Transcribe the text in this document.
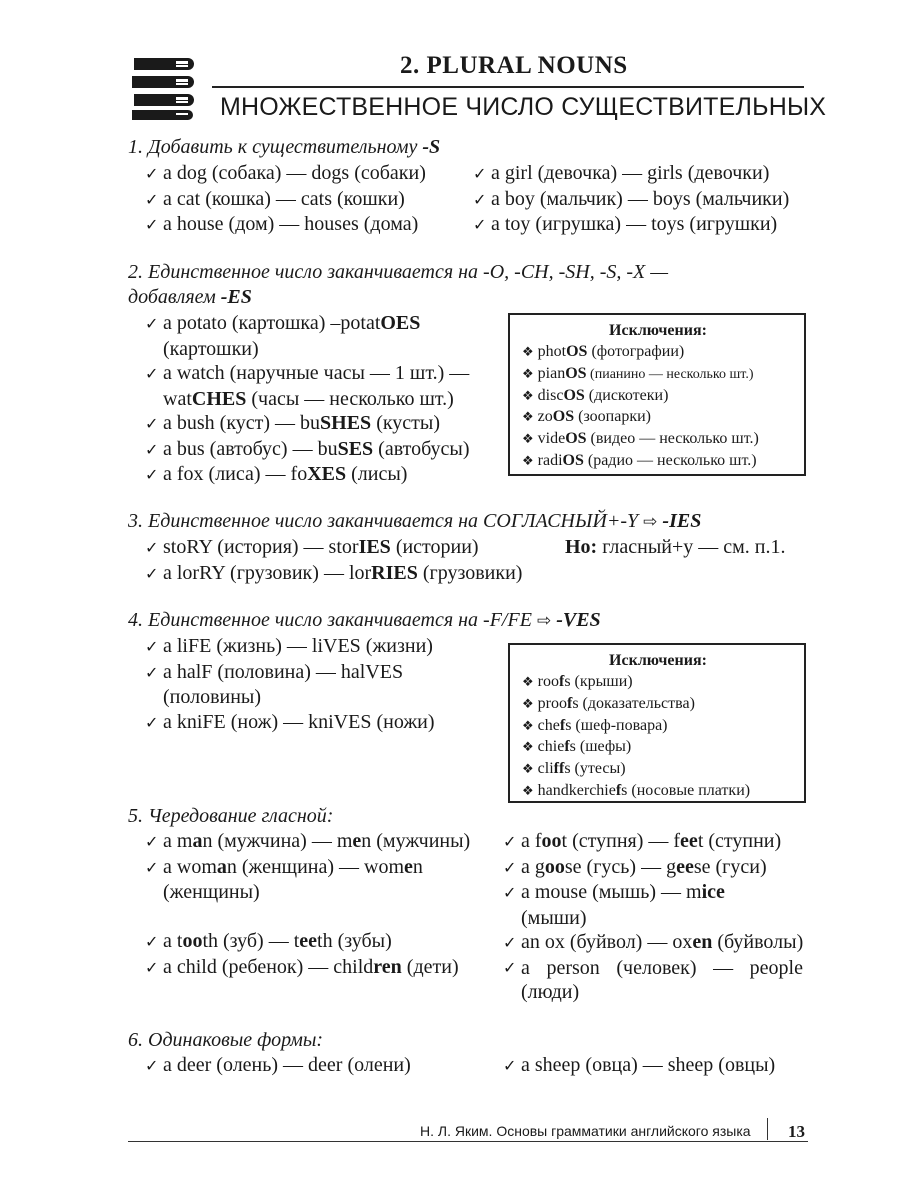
2. PLURAL NOUNS
МНОЖЕСТВЕННОЕ ЧИСЛО СУЩЕСТВИТЕЛЬНЫХ
1. Добавить к существительному -S
✓ a dog (собака) — dogs (собаки)
✓ a cat (кошка) — cats (кошки)
✓ a house (дом) — houses (дома)
✓ a girl (девочка) — girls (девочки)
✓ a boy (мальчик) — boys (мальчики)
✓ a toy (игрушка) — toys (игрушки)
2. Единственное число заканчивается на -O, -CH, -SH, -S, -X —
добавляем -ES
✓ a potato (картошка) –potatOES
(картошки)
✓ a watch (наручные часы — 1 шт.) —
watCHES (часы — несколько шт.)
✓ a bush (куст) — buSHES (кусты)
✓ a bus (автобус) — buSES (автобусы)
✓ a fox (лиса) — foXES (лисы)
Исключения:
❖ photOS (фотографии)
❖ pianOS (пианино — несколько шт.)
❖ discOS (дискотеки)
❖ zoOS (зоопарки)
❖ videOS (видео — несколько шт.)
❖ radiOS (радио — несколько шт.)
3. Единственное число заканчивается на СОГЛАСНЫЙ+-Y ⇨ -IES
✓ stoRY (история) — storIES (истории)
✓ a lorRY (грузовик) — lorRIES (грузовики)
Но: гласный+y — см. п.1.
4. Единственное число заканчивается на -F/FE ⇨ -VES
✓ a liFE (жизнь) — liVES (жизни)
✓ a halF (половина) — halVES
(половины)
✓ a kniFE (нож) — kniVES (ножи)
Исключения:
❖ roofs (крыши)
❖ proofs (доказательства)
❖ chefs (шеф-повара)
❖ chiefs (шефы)
❖ cliffs (утесы)
❖ handkerchiefs (носовые платки)
5. Чередование гласной:
✓ a man (мужчина) — men (мужчины)
✓ a woman (женщина) — women
(женщины)
✓ a tooth (зуб) — teeth (зубы)
✓ a child (ребенок) — children (дети)
✓ a foot (ступня) — feet (ступни)
✓ a goose (гусь) — geese (гуси)
✓ a mouse (мышь) — mice
(мыши)
✓ an ox (буйвол) — oxen (буйволы)
✓ a person (человек) — people
(люди)
6. Одинаковые формы:
✓ a deer (олень) — deer (олени)	✓ a sheep (овца) — sheep (овцы)
Н. Л. Яким. Основы грамматики английского языка 13
